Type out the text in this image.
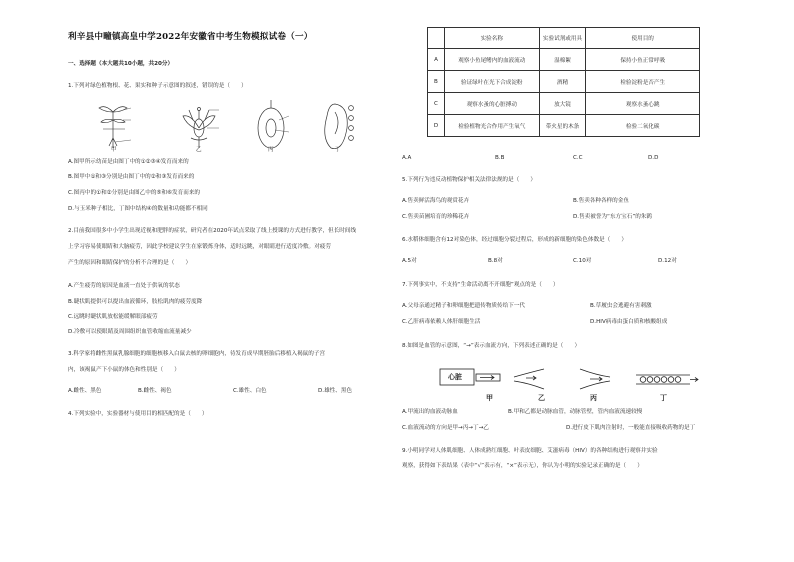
利辛县中疃镇高皇中学2022年安徽省中考生物模拟试卷（一）
一、选择题（本大题共10小题，共20分）
1.下列对绿色植物根、花、果实和种子示意图的叙述，错误的是（　　）
甲	乙	丙	丁
A.图甲所示幼苗是由图丁中的①②③④发育而来的
B.图甲中①和③分别是由图丁中的②和③发育而来的
C.图丙中的①和②分别是由图乙中的⑤和⑥发育而来的
D.与玉米种子相比，丁图中结构④的数量和功能都不相同
2.目前我国很多中小学生出现近视和肥胖的症状，研究者在2020年试点采取了线上授课的方式进行教学，但长时间线
上学习容易使眼睛和大脑疲劳，因此学校建议学生在家锻炼身体，适时远眺，对眼睛进行适度冷敷。对疲劳
产生的原因和眼睛保护的分析不合理的是（　　）
A.产生疲劳的原因是血液一直处于供氧的状态
B.睫状肌提供可以提出血液循环，肢松肌肉的疲劳度降
C.远眺时睫状肌放松能缓解眼部疲劳
D.冷敷可以使眼睛及周围组织血管收缩血流量减少
3.科学家将雌性黑鼠乳腺细胞的细胞核移入白鼠去核的卵细胞内，待发育成早期胚胎后移植入褐鼠的子宫
内，该褐鼠产下小鼠的体色和性别是（　　）
A.雌性、黑色	B.雌性、褐色	C.雄性、白色	D.雄性、黑色
4.下列实验中，实验器材与使用目的相匹配的是（　　）
	实验名称	实验试剂或用具	使用目的
A	观察小鱼尾鳍内的血液流动	湿棉絮	保持小鱼正常呼吸
B	验证绿叶在光下合成淀粉	酒精	检验淀粉是否产生
C	观察水蚤的心脏搏动	放大镜	观察水蚤心跳
D	检验植物光合作用产生氧气	带火星的木条	检验二氧化碳
A.A	B.B	C.C	D.D
5.下列行为违反动植物保护相关法律法规的是（　　）
A.售卖鲜活海鸟的观赏花卉	B.售卖各种各样的金鱼
C.售卖苗圃培育的珍稀花卉	D.售卖被誉为“东方宝石”的朱鹮
6.水稻体细胞含有12对染色体，经过细胞分裂过程后，形成的新细胞的染色体数是（　　）
A.5对	B.8对	C.10对	D.12对
7.下列事实中，不支持“生命活动离不开细胞”观点的是（　　）
A.父母亲通过精子和卵细胞把遗传物质传给下一代	B.草履虫会逃避有害刺激
C.乙肝病毒依赖人体肝细胞生活	D.HIV病毒由蛋白质和核酸组成
8.如图是血管的示意图，“→”表示血流方向，下列表述正确的是（　　）
心脏
甲	乙	丙	丁
A.甲流出的血液动脉血	B.甲和乙都是动脉血管，动脉管壁，管内血液流速较慢
C.血液流动的方向是甲→丙→丁→乙	D.进行皮下肌肉注射时，一般能直接吸收药物的是丁
9.小明同学对人体肌细胞、人体成熟红细胞、叶表皮细胞、艾滋病毒（HIV）的各种结构进行观察并实验
观察，获得如下表结果（表中“√”表示有，“×”表示无），你认为小明的实验记录正确的是（　　）
